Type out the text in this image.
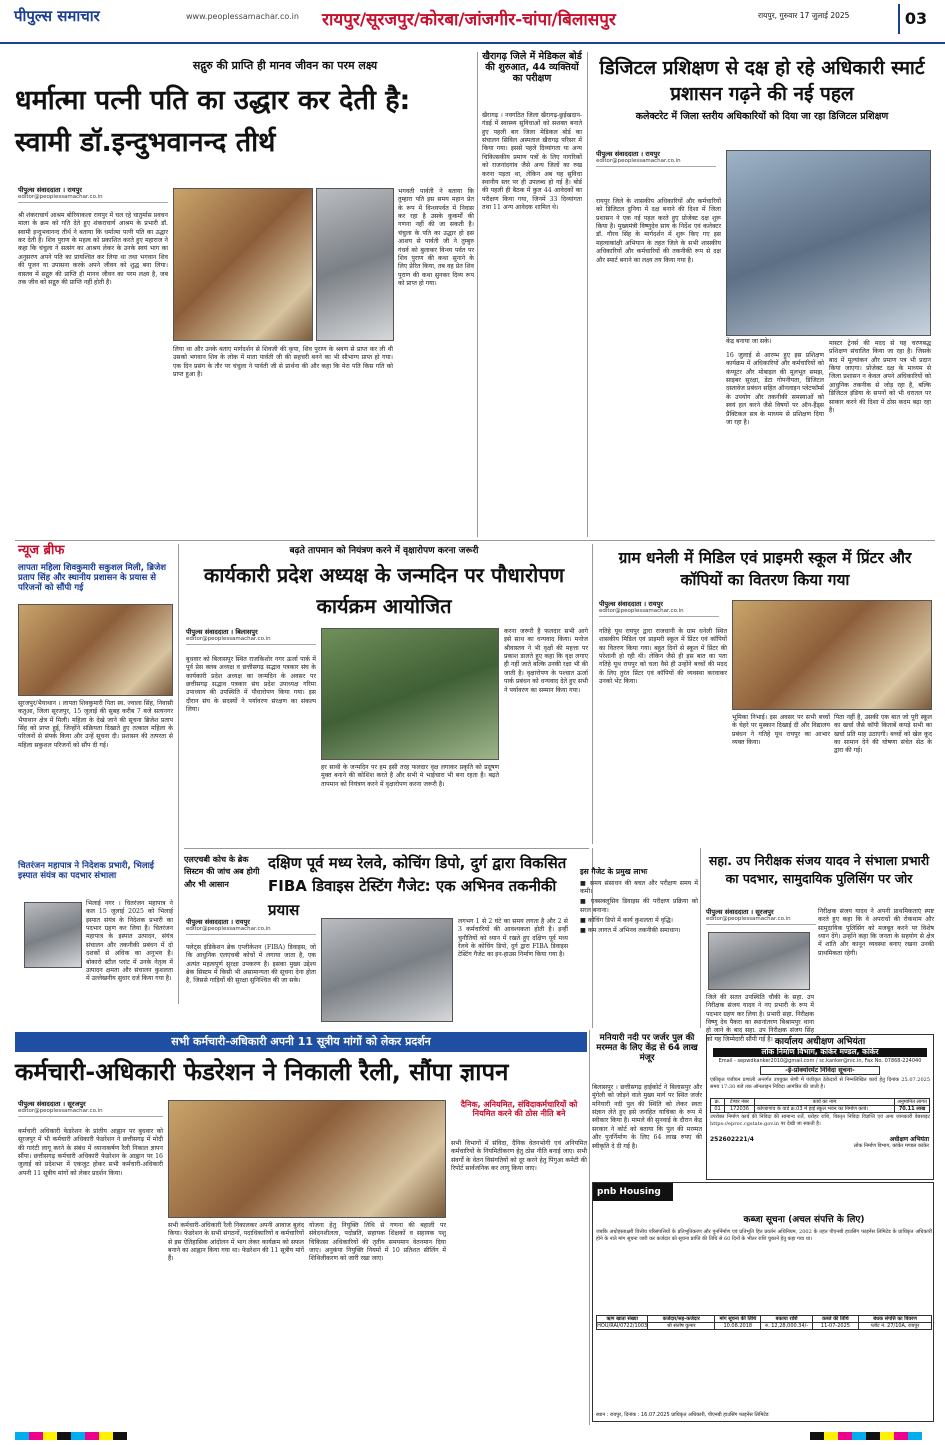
पीपुल्स समाचार	www.peoplessamachar.co.in रायपुर/सूरजपुर/कोरबा/जांजगीर-चांपा/बिलासपुर	रायपुर, गुरुवार 17 जुलाई 2025	03
सद्गुरु की प्राप्ति ही मानव जीवन का परम लक्ष्य
धर्मात्मा पत्नी पति का उद्धार कर देती है: स्वामी डॉ.इन्दुभवानन्द तीर्थ
पीपुल्स संवाददाता । रायपुर
editor@peoplessamachar.co.in
श्री शंकराचार्य आश्रम बोरियाकला रायपुर में चल रहे चातुर्मास प्रवचन माला के क्रम को गति देते हुए शंकराचार्य आश्रम के प्रभारी डॉ. स्वामी इन्दुभवानन्द तीर्थ ने बताया कि धर्मात्मा पत्नी पति का उद्धार कर देती है। शिव पुराण के महत्व को प्रकाशित करते हुए महाराज ने कहा कि चंचुला ने सत्संग का आश्रय लेकर के उनके स्वयं भाग का अनुसरण अपने पति का प्रायश्चित कर लिया था तथा भगवान शिव की पूजन या उपासना करके अपने जीवन को शुद्ध बना लिया। वास्तव में सद्गुरु की प्राप्ति ही मानव जीवन का परम लक्ष्य है, जब तक जीव को सद्गुरु की प्राप्ति नहीं होती है।
लिया था और उनके बताए मार्गदर्शन से शिवजी की कृपा, शिव पुराण के श्रवण से प्राप्त कर ली थी उसको भगवान शिव के लोक में माता पार्वती जी की सहचरी बनने का भी सौभाग्य प्राप्त हो गया। एक दिन प्रसंग के तौर पर चंचुला ने पार्वती जी से प्रार्थना की और कहा कि मेरा पति किस गति को प्राप्त हुआ है।
भगवती पार्वती ने बताया कि तुम्हारा पति इस समय महान प्रेत के रूप में विन्ध्यपर्वत में निवास कर रहा है उसके कुकर्मों की गणना नहीं की जा सकती है। चंचुला के पति का उद्धार हो इस आशय से पार्वती जी ने तुम्बुरु गंधर्व को बुलाकर विन्ध्य पर्वत पर शिव पुराण की कथा सुनाने के लिए प्रेरित किया, तब वह प्रेत शिव पुराण की कथा सुनकर दिव्य रूप को प्राप्त हो गया।
खैरागढ़ जिले में मेडिकल बोर्ड की शुरुआत, 44 व्यक्तियों का परीक्षण
खैरागढ़ । नवगठित जिला खैरागढ़-छुईखदान-गंडई में स्वास्थ्य सुविधाओं को सशक्त बनाते हुए पहली बार जिला मेडिकल बोर्ड का संचालन सिविल अस्पताल खैरागढ़ परिसर में किया गया। इससे पहले दिव्यांगता या अन्य चिकित्सकीय प्रमाण पत्रों के लिए नागरिकों को राजनांदगांव जैसे अन्य जिलों का रुख करना पड़ता था, लेकिन अब यह सुविधा स्थानीय स्तर पर ही उपलब्ध हो गई है। बोर्ड की पहली ही बैठक में कुल 44 आवेदकों का परीक्षण किया गया, जिनमें 33 दिव्यांगता तथा 11 अन्य आवेदक शामिल थे।
डिजिटल प्रशिक्षण से दक्ष हो रहे अधिकारी स्मार्ट प्रशासन गढ़ने की नई पहल
कलेक्टरेट में जिला स्तरीय अधिकारियों को दिया जा रहा डिजिटल प्रशिक्षण
पीपुल्स संवाददाता । रायपुर
editor@peoplessamachar.co.in
रायपुर जिले के शासकीय अधिकारियों और कर्मचारियों को डिजिटल दुनिया में दक्ष बनाने की दिशा में जिला प्रशासन ने एक नई पहल करते हुए प्रोजेक्ट दक्ष शुरू किया है। मुख्यमंत्री विष्णुदेव साय के निर्देश एवं कलेक्टर डॉ. गौरव सिंह के मार्गदर्शन में शुरू किए गए इस महत्वाकांक्षी अभियान के तहत जिले के सभी शासकीय अधिकारियों और कर्मचारियों की तकनीकी रूप से दक्ष और स्मार्ट बनाने का लक्ष्य तय किया गया है।
केंद्र बनाया जा सके।
16 जुलाई से आरम्भ हुए इस प्रशिक्षण कार्यक्रम में अधिकारियों और कर्मचारियों को कंप्यूटर और मोबाइल की मूलभूत समझ, साइबर सुरक्षा, डेटा गोपनीयता, डिजिटल दस्तावेज प्रबंधन सहित ऑनलाइन प्लेटफॉर्म्स के उपयोग और तकनीकी समस्याओं को स्वयं हल करने जैसे विषयों पर ऑन-हैंड्स प्रैक्टिकल सत्र के माध्यम से प्रशिक्षण दिया जा रहा है।
मास्टर ट्रेनर्स की मदद से यह चरणबद्ध प्रशिक्षण संचालित किया जा रहा है। जिसके बाद में मूल्यांकन और प्रमाण पत्र भी प्रदान किया जाएगा। प्रोजेक्ट दक्ष के माध्यम से जिला प्रशासन न केवल अपने अधिकारियों को आधुनिक तकनीक से जोड़ रहा है, बल्कि डिजिटल इंडिया के सपनों को भी धरातल पर साकार करने की दिशा में ठोस कदम बढ़ा रहा है।
न्यूज ब्रीफ
लापता महिला शिवकुमारी सकुशल मिली, ब्रिजेश प्रताप सिंह और स्थानीय प्रशासन के प्रयास से परिजनों को सौंपी गई
सूरजपुर/भैयाथान । लापता शिवकुमारी पिता स्व. ज्वाला सिंह, निवासी कतुआ, जिला सूरजपुर, 15 जुलाई की सुबह करीब 7 बजे सत्यनगर भैयाथान क्षेत्र में मिली। महिला के देखे जाने की सूचना ब्रिजेश प्रताप सिंह को प्राप्त हुई, जिन्होंने संक्रियता दिखाते हुए तत्काल महिला के परिजनों से संपर्क किया और उन्हें सूचना दी। प्रशासन की तत्परता से महिला सकुशल परिजनों को सौंप दी गई।
चितरंजन महापात्र ने निदेशक प्रभारी, भिलाई इस्पात संयंत्र का पदभार संभाला
भिलाई नगर । चितरंजन महापात्र ने कल 15 जुलाई 2025 को भिलाई इस्पात संयंत्र के निदेशक प्रभारी का पदभार ग्रहण कर लिया है। चितरंजन महापात्र के इस्पात उत्पादन, संयंत्र संचालन और तकनीकी प्रबंधन में दो दशकों से अधिक का अनुभव है। बोकारो स्टील प्लांट में उनके नेतृत्व में उत्पादन क्षमता और संचालन कुशलता में उल्लेखनीय सुधार दर्ज किया गया है।
बढ़ते तापमान को नियंत्रण करने में वृक्षारोपण करना जरूरी
कार्यकारी प्रदेश अध्यक्ष के जन्मदिन पर पौधारोपण कार्यक्रम आयोजित
पीपुल्स संवाददाता । बिलासपुर
editor@peoplessamachar.co.in
बुधवार को बिलासपुर स्थित राजकिशोर नगर ऊर्जा पार्क में पूर्व प्रेस क्लब अध्यक्ष व छत्तीसगढ़ सद्भाव पत्रकार संघ के कार्यकारी प्रदेश अध्यक्ष का जन्मदिन के अवसर पर छत्तीसगढ़ सद्भाव पत्रकार संघ प्रदेश उपाध्यक्ष गरिमा उपाध्याय की उपस्थिति में पौधारोपण किया गया। इस दौरान संघ के सदस्यों ने पर्यावरण संरक्षण का संकल्प लिया।
हर साथी के जन्मदिन पर हम इसी तरह फलदार वृक्ष लगाकर प्रकृति को प्रदूषण मुक्त बनाने की कोशिश करते है और सभी मे भाईचारा भी बना रहता है। बढ़ते तापमान को नियंत्रण करने में वृक्षारोपण करना जरूरी है।
करना जरूरी है फलदार सभी आगे इसे साथ का धन्यवाद किया। मनोज श्रीवास्तव ने भी वृक्षों की महत्ता पर प्रकाश डालते हुए कहा कि वृक्ष लगाए ही नहीं जाते बल्कि उनकी रक्षा भी की जाती है। वृक्षारोपण के पश्चात ऊर्जा पार्क प्रबंधन को धन्यवाद देते हुए सभी ने पर्यावरण का सम्मान किया गया।
ग्राम धनेली में मिडिल एवं प्राइमरी स्कूल में प्रिंटर और कॉपियों का वितरण किया गया
पीपुल्स संवाददाता । रायपुर
editor@peoplessamachar.co.in
गतिहे यूथ रायपुर द्वारा राजधानी के ग्राम धनेली स्थित शासकीय मिडिल एवं प्राइमरी स्कूल में प्रिंटर एवं कॉपियों का वितरण किया गया। बहुत दिनों से स्कूल में प्रिंटर की परेशानी हो रही थी। लेकिन जैसे ही इस बात का पता गतिहे यूथ रायपुर को चला वैसे ही उन्होंने बच्चों की मदद के लिए तुरंत प्रिंटर एवं कॉपियों की व्यवस्था करवाकर उनको भेंट किया।
भूमिका निभाई। इस अवसर पर सभी बच्चों के चेहरे पर मुस्कान दिखाई दी और विद्यालय प्रबंधन ने गतिहे यूथ रायपुर का आभार व्यक्त किया।
पिता नहीं है, उसकी एक बात जो पूरी स्कूल का खर्चा जैसे कॉपी किताबें कपड़े सभी का खर्चा प्रति माह उठाएगी। बच्चों को खेल कूद का सामान देने की घोषणा संचेत सेठ के द्वारा की गई।
एलएचबी कोच के ब्रेक सिस्टम की जांच अब होगी और भी आसान
दक्षिण पूर्व मध्य रेलवे, कोचिंग डिपो, दुर्ग द्वारा विकसित FIBA डिवाइस टेस्टिंग गैजेट: एक अभिनव तकनीकी प्रयास
पीपुल्स संवाददाता । रायपुर
editor@peoplessamachar.co.in
फ्लेट्स इंडिकेशन ब्रेक एप्लीकेशन (FIBA) डिवाइस, जो कि आधुनिक एलएचबी कोचों में लगाया जाता है, एक अत्यंत महत्वपूर्ण सुरक्षा उपकरण है। इसका मुख्य उद्देश्य ब्रेक सिस्टम में किसी भी असामान्यता की सूचना देना होता है, जिससे गाड़ियों की सुरक्षा सुनिश्चित की जा सके।
लगभग 1 से 2 घंटे का समय लगता है और 2 से 3 कर्मचारियों की आवश्यकता होती है। इन्हीं चुनौतियों को ध्यान में रखते हुए दक्षिण पूर्व मध्य रेलवे के कोचिंग डिपो, दुर्ग द्वारा FIBA डिवाइस टेस्टिंग गैजेट का इन-हाउस निर्माण किया गया है।
इस गैजेट के प्रमुख लाभः
■ समय संसाधन की बचत और परीक्षण समय में कमी।
■ एक्सक्लूसिव डिवाइस की परीक्षण प्रक्रिया को सरल बनाना।
■ कोचिंग डिपो में कार्य कुशलता में वृद्धि।
■ कम लागत में अभिनव तकनीकी समाधान।
सहा. उप निरीक्षक संजय यादव ने संभाला प्रभारी का पदभार, सामुदायिक पुलिसिंग पर जोर
पीपुल्स संवाददाता । सूरजपुर
editor@peoplessamachar.co.in
जिले की सतत उपस्थिति चौकी के सहा. उप निरीक्षक संजय यादव ने नए प्रभारी के रूप में पदभार ग्रहण कर लिया है। प्रभारी सहा. निरीक्षक विष्णु देव पैकरा का स्थानांतरण बिश्रामपुर थाना हो जाने के बाद सहा. उप निरीक्षक संजय सिंह को यह जिम्मेदारी सौंपी गई है।
निरीक्षक संजय यादव ने अपनी प्राथमिकताएं स्पष्ट करते हुए कहा कि वे अपराधों की रोकथाम और सामुदायिक पुलिसिंग को मजबूत करने पर विशेष ध्यान देंगे। उन्होंने कहा कि जनता के सहयोग से क्षेत्र में शांति और कानून व्यवस्था बनाए रखना उनकी प्राथमिकता रहेगी।
मनियारी नदी पर जर्जर पुल की मरम्मत के लिए केंद्र से 64 लाख मंजूर
बिलासपुर । छत्तीसगढ़ हाईकोर्ट ने बिलासपुर और मुंगेली को जोड़ने वाले मुख्य मार्ग पर स्थित जर्जर मनियारी नदी पुल की स्थिति को लेकर स्वतः संज्ञान लेते हुए इसे जनहित याचिका के रूप में स्वीकार किया है। मामले की सुनवाई के दौरान केंद्र सरकार ने कोर्ट को बताया कि पुल की मरम्मत और पुनर्निर्माण के लिए 64 लाख रुपए की स्वीकृति दे दी गई है।
कार्यालय अधीक्षण अभियंता
लोक निर्माण विभाग, कांकेर मण्डल, कांकेर
Email - sepwdkanker2010@gmail.com / sc.kanker@nic.in, Fax No. 07868-224040
-ई-प्रोक्योरमेंट निविदा सूचना-
एकीकृत पंजीयन प्रणाली अन्तर्गत उपयुक्त श्रेणी में पंजीकृत ठेकेदारों से निम्नलिखित कार्य हेतु दिनांक 25.07.2025 समय 17:30 बजे तक ऑनलाइन निविदा आमंत्रित की जाती है।
क्र.	टेण्डर नंबर	कार्य का नाम	अनुमानित लागत
01	172036	कोण्डागांव के वार्ड क्र.03 में हाई स्कूल भवन का निर्माण कार्य।	70.11 लाख
उपरोक्त निर्माण कार्य की निविदा की सामान्य शर्तें, धरोहर राशि, विस्तृत निविदा विज्ञप्ति एवं अन्य जानकारी वेबसाइट https://eproc.cgstate.gov.in पर देखी जा सकती है।
252602221/4	अधीक्षण अभियंता
लोक निर्माण विभाग, कांकेर मण्डल कांकेर
सभी कर्मचारी-अधिकारी अपनी 11 सूत्रीय मांगों को लेकर प्रदर्शन
कर्मचारी-अधिकारी फेडरेशन ने निकाली रैली, सौंपा ज्ञापन
पीपुल्स संवाददाता । सूरजपुर
editor@peoplessamachar.co.in
कर्मचारी अधिकारी फेडरेशन के प्रांतीय आह्वान पर बुधवार को सूरजपुर में भी कर्मचारी अधिकारी फेडरेशन ने छत्तीसगढ़ में मोदी की गारंटी लागू करने के संबंध में ध्यानाकर्षण रैली निकाल ज्ञापन सौंपा। छत्तीसगढ़ कर्मचारी अधिकारी फेडरेशन के आह्वान पर 16 जुलाई को प्रदेशभर में एकजुट होकर सभी कर्मचारी-अधिकारी अपनी 11 सूत्रीय मांगों को लेकर प्रदर्शन किया।
सभी कर्मचारी-अधिकारी रैली निकालकर अपनी आवाज बुलंद किया। फेडरेशन के सभी संगठनों, पदाधिकारियों व कर्मचारियों से इस ऐतिहासिक आंदोलन में भाग लेकर कार्यक्रम को सफल बनाने का आह्वान किया गया था। फेडरेशन की 11 सूत्रीय मांगें हैं।
योजना हेतु नियुक्ति तिथि से गणना की बहाली पर संवेदनशीलता, पदोन्नति, सहायक शिक्षकों व सहायक पशु चिकित्सा अधिकारियों की तृतीय समयमान वेतनमान दिया जाए। अनुकंपा नियुक्ति नियमों में 10 प्रतिशत सीलिंग में शिथिलीकरण को जारी रखा जाए।
दैनिक, अनियमित, संविदाकर्मचारियों को नियमित करने की ठोस नीति बने
सभी विभागों में संविदा, दैनिक वेतनभोगी एवं अनियमित कर्मचारियों के नियमितीकरण हेतु ठोस नीति बनाई जाए। सभी संवर्गों के वेतन विसंगतियों को दूर करने हेतु पिंगुआ कमेटी की रिपोर्ट सार्वजनिक कर लागू किया जाए।
pnb Housing
कब्जा सूचना (अचल संपत्ति के लिए)
जबकि अधोहस्ताक्षरी वित्तीय परिसंपत्तियों के प्रतिभूतिकरण और पुनर्निर्माण एवं प्रतिभूति हित प्रवर्तन अधिनियम, 2002 के तहत पीएनबी हाउसिंग फाइनेंस लिमिटेड के प्राधिकृत अधिकारी होने के नाते मांग सूचना जारी कर कर्जदार को सूचना प्राप्ति की तिथि से 60 दिनों के भीतर राशि चुकाने हेतु कहा गया था।
ऋण खाता संख्या	कर्जदार/सह-कर्जदार	मांग सूचना की तिथि	बकाया राशि	कब्जे की तिथि	बंधक संपत्ति का विवरण
HOU/RAI/0722/1003	श्री संतोष कुमार	10.08.2018	रु. 12,28,000.34/-	11-07-2025	प्लॉट नं. 27/10A, रायपुर
स्थान : रायपुर, दिनांक : 16.07.2025 प्राधिकृत अधिकारी, पीएनबी हाउसिंग फाइनेंस लिमिटेड
